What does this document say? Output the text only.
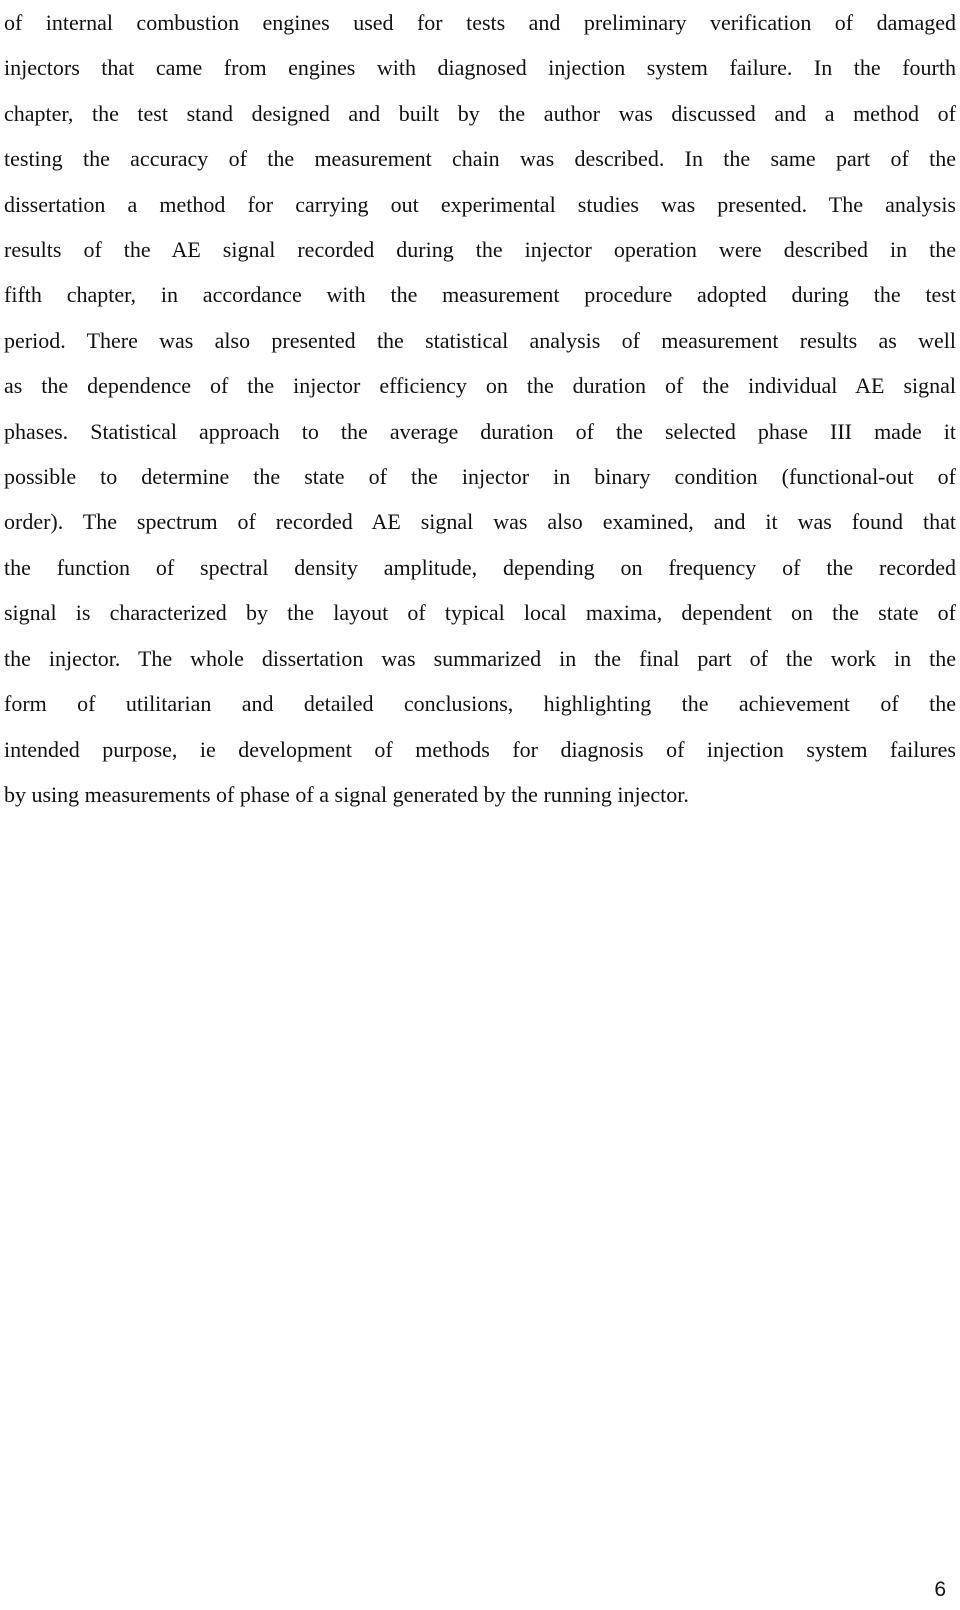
of internal combustion engines used for tests and preliminary verification of damaged
injectors that came from engines with diagnosed injection system failure. In the fourth
chapter, the test stand designed and built by the author was discussed and a method of
testing the accuracy of the measurement chain was described. In the same part of the
dissertation a method for carrying out experimental studies was presented. The analysis
results of the AE signal recorded during the injector operation were described in the
fifth chapter, in accordance with the measurement procedure adopted during the test
period. There was also presented the statistical analysis of measurement results as well
as the dependence of the injector efficiency on the duration of the individual AE signal
phases. Statistical approach to the average duration of the selected phase III made it
possible to determine the state of the injector in binary condition (functional-out of
order). The spectrum of recorded AE signal was also examined, and it was found that
the function of spectral density amplitude, depending on frequency of the recorded
signal is characterized by the layout of typical local maxima, dependent on the state of
the injector. The whole dissertation was summarized in the final part of the work in the
form of utilitarian and detailed conclusions, highlighting the achievement of the
intended purpose, ie development of methods for diagnosis of injection system failures
by using measurements of phase of a signal generated by the running injector.
6
